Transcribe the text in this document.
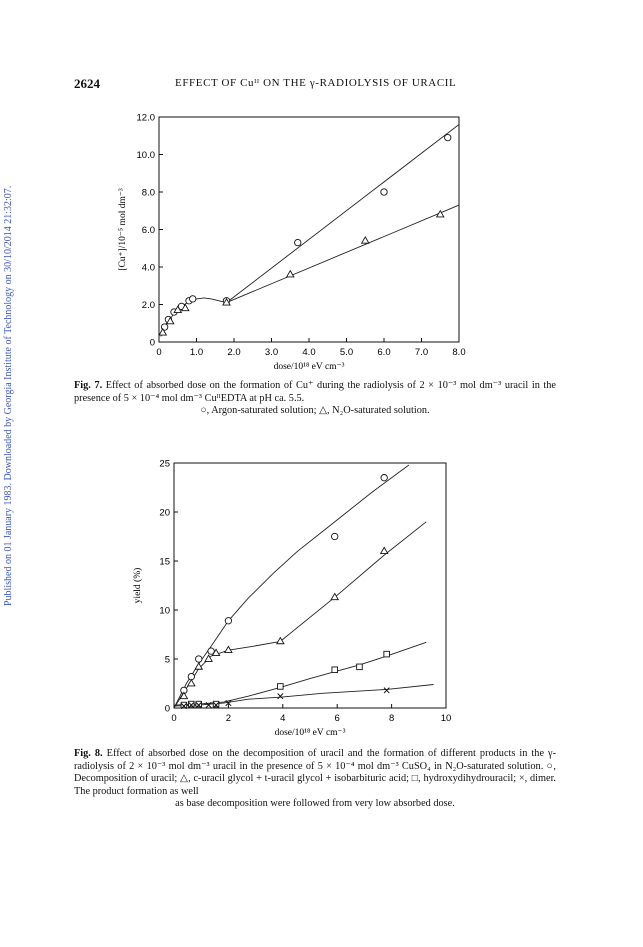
2624	EFFECT OF Cuᴵᴵ ON THE γ-RADIOLYSIS OF URACIL
Published on 01 January 1983. Downloaded by Georgia Institute of Technology on 30/10/2014 21:32:07.	0	1.0	2.0	3.0	4.0	5.0	6.0	7.0	8.0
0
2.0
4.0
6.0
8.0
10.0
12.0
dose/10¹⁸ eV cm⁻³
[Cu⁺]/10⁻⁵ mol dm⁻³
0	2	4	6	8	10
0
5
10
15
20
25
dose/10¹⁸ eV cm⁻³
yield (%)
Fig. 7. Effect of absorbed dose on the formation of Cu⁺ during the radiolysis of 2 × 10⁻³ mol dm⁻³ uracil in the presence of 5 × 10⁻⁴ mol dm⁻³ CuᴵᴵEDTA at pH ca. 5.5.
○, Argon-saturated solution; △, N₂O-saturated solution.
Fig. 8. Effect of absorbed dose on the decomposition of uracil and the formation of different products in the γ-radiolysis of 2 × 10⁻³ mol dm⁻³ uracil in the presence of 5 × 10⁻⁴ mol dm⁻³ CuSO₄ in N₂O-saturated solution. ○, Decomposition of uracil; △, c-uracil glycol + t-uracil glycol + isobarbituric acid; □, hydroxydihydrouracil; ×, dimer. The product formation as well
as base decomposition were followed from very low absorbed dose.
